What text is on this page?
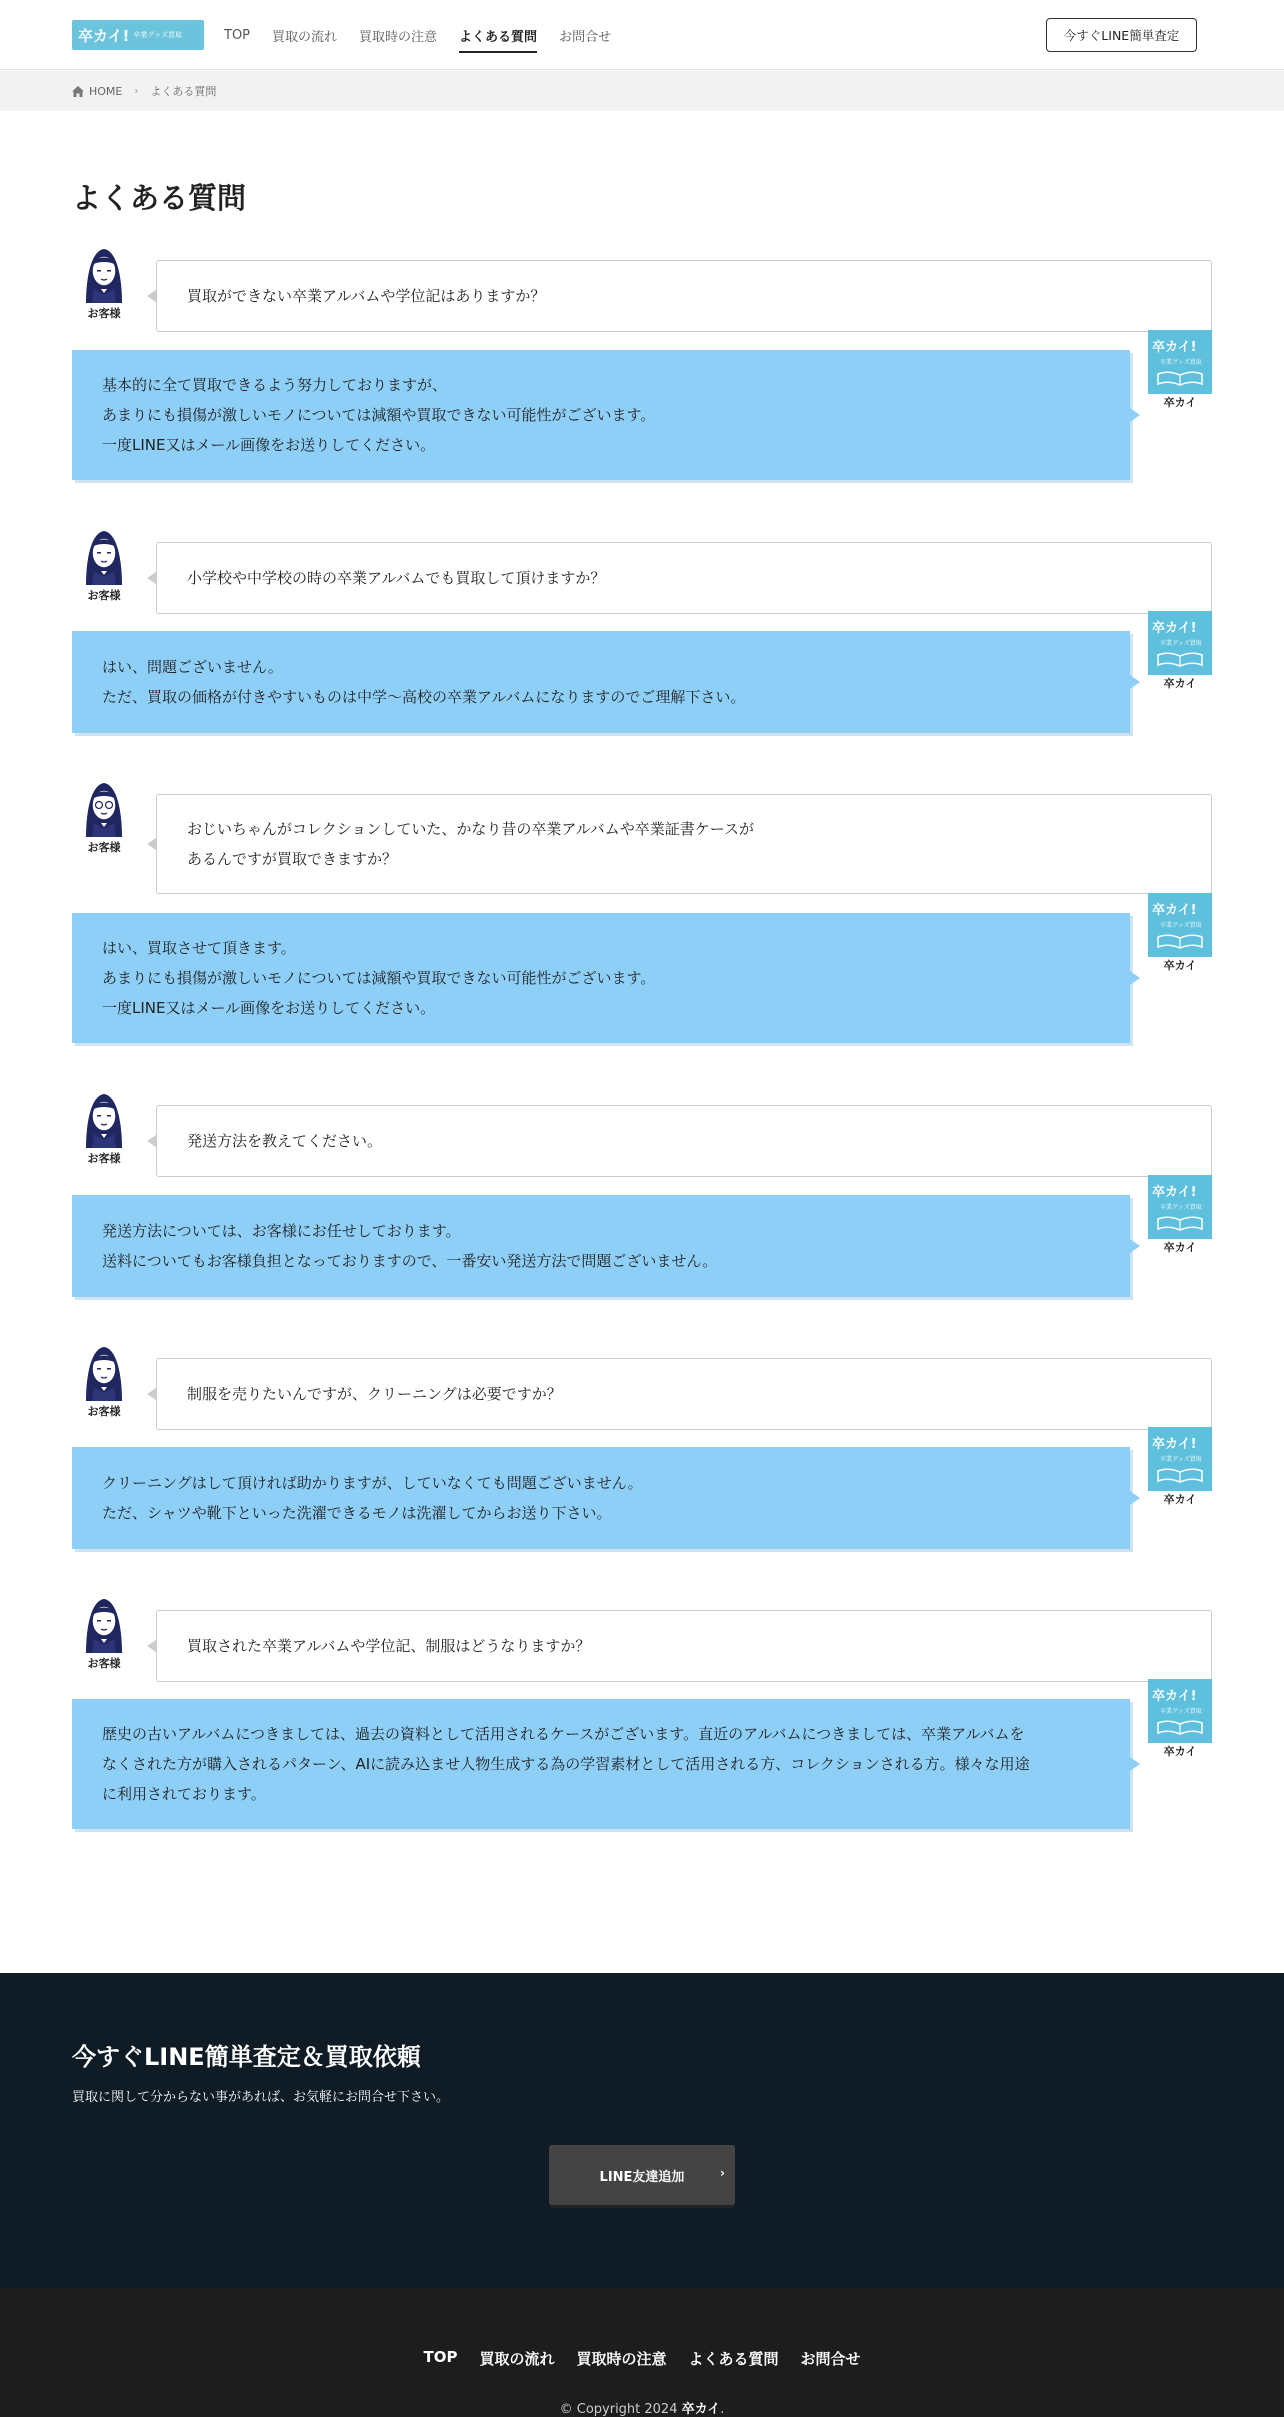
卒カイ! 卒業グッズ買取	TOP 買取の流れ 買取時の注意 よくある質問 お問合せ	今すぐLINE簡単査定
HOME › よくある質問
よくある質問
お客様
買取ができない卒業アルバムや学位記はありますか？
基本的に全て買取できるよう努力しておりますが、
あまりにも損傷が激しいモノについては減額や買取できない可能性がございます。
一度LINE又はメール画像をお送りしてください。
卒カイ!
卒業グッズ買取
卒カイ
お客様
小学校や中学校の時の卒業アルバムでも買取して頂けますか？
はい、問題ございません。
ただ、買取の価格が付きやすいものは中学〜高校の卒業アルバムになりますのでご理解下さい。
卒カイ!
卒業グッズ買取
卒カイ
お客様
おじいちゃんがコレクションしていた、かなり昔の卒業アルバムや卒業証書ケースが
あるんですが買取できますか？
はい、買取させて頂きます。
あまりにも損傷が激しいモノについては減額や買取できない可能性がございます。
一度LINE又はメール画像をお送りしてください。
卒カイ!
卒業グッズ買取
卒カイ
お客様
発送方法を教えてください。
発送方法については、お客様にお任せしております。
送料についてもお客様負担となっておりますので、一番安い発送方法で問題ございません。
卒カイ!
卒業グッズ買取
卒カイ
お客様
制服を売りたいんですが、クリーニングは必要ですか？
クリーニングはして頂ければ助かりますが、していなくても問題ございません。
ただ、シャツや靴下といった洗濯できるモノは洗濯してからお送り下さい。
卒カイ!
卒業グッズ買取
卒カイ
お客様
買取された卒業アルバムや学位記、制服はどうなりますか？
歴史の古いアルバムにつきましては、過去の資料として活用されるケースがございます。直近のアルバムにつきましては、卒業アルバムを
なくされた方が購入されるパターン、AIに読み込ませ人物生成する為の学習素材として活用される方、コレクションされる方。様々な用途
に利用されております。
卒カイ!
卒業グッズ買取
卒カイ
今すぐLINE簡単査定＆買取依頼
買取に関して分からない事があれば、お気軽にお問合せ下さい。
LINE友達追加	›
TOP 買取の流れ 買取時の注意 よくある質問 お問合せ
© Copyright 2024 卒カイ.
